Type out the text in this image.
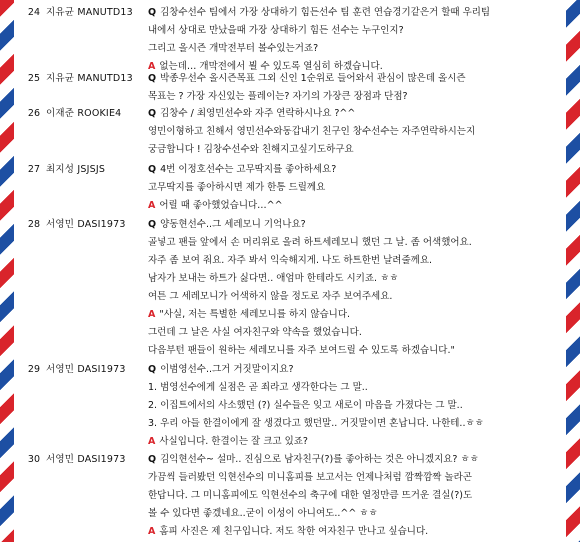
24 지유균 MANUTD13	Q 김창수선수 팀에서 가장 상대하기 힘든선수 팀 훈련 연습경기같은거 할때 우리팀
내에서 상대로 만났을때 가장 상대하기 힘든 선수는 누구인지?
그리고 올시즌 개막전부터 볼수있는거죠?
A 없는데… 개막전에서 뵐 수 있도록 열심히 하겠습니다.
25 지유균 MANUTD13	Q 박종우선수 올시즌목표 그외 신인 1순위로 들어와서 관심이 많은데 올시즌
목표는 ? 가장 자신있는 플레이는? 자기의 가장큰 장점과 단점?
26 이재준 ROOKIE4	Q 김창수 / 최영민선수와 자주 연락하시나요 ?^^
영민이형하고 친해서 영민선수와동갑내기 친구인 창수선수는 자주연락하시는지
궁금합니다 ! 김창수선수와 친해지고싶기도하구요
27 최지성 JSJSJS	Q 4번 이정호선수는 고무딱지를 좋아하세요?
고무딱지를 좋아하시면 제가 한통 드릴께요
A 어릴 때 좋아했었습니다…^^
28 서영민 DASI1973	Q 양동현선수..그 세레모니 기억나요?
골넣고 팬들 앞에서 손 머리위로 올려 하트세레모니 했던 그 날. 좀 어색했어요.
자주 좀 보여 줘요. 자주 봐서 익숙해지게. 나도 하트한번 날려줄께요.
남자가 보내는 하트가 싫다면.. 애엄마 한테라도 시키죠. ㅎㅎ
여튼 그 세레모니가 어색하지 않을 정도로 자주 보여주세요.
A "사실, 저는 특별한 세레모니를 하지 않습니다.
그런데 그 날은 사실 여자친구와 약속을 했었습니다.
다음부턴 팬들이 원하는 세레모니를 자주 보여드릴 수 있도록 하겠습니다."
29 서영민 DASI1973	Q 이범영선수..그거 거짓말이지요?
1. 범영선수에게 실점은 곧 죄라고 생각한다는 그 말..
2. 이집트에서의 사소했던 (?) 실수들은 잊고 새로이 마음을 가졌다는 그 말..
3. 우리 아들 한결이에게 잘 생겼다고 했던말.. 거짓말이면 혼납니다. 나한테..ㅎㅎ
A 사실입니다. 한결이는 잘 크고 있죠?
30 서영민 DASI1973	Q 김익현선수~ 설마.. 진심으로 남자친구(?)를 좋아하는 것은 아니겠지요? ㅎㅎ
가끔씩 들러봤던 익현선수의 미니홈피를 보고서는 언제나처럼 깜짝깜짝 놀라곤
한답니다. 그 미니홈피에도 익현선수의 축구에 대한 열정만큼 뜨거운 결실(?)도
볼 수 있다면 좋겠네요..굳이 이성이 아니여도..^^ ㅎㅎ
A 홈피 사진은 제 친구입니다. 저도 착한 여자친구 만나고 싶습니다.
